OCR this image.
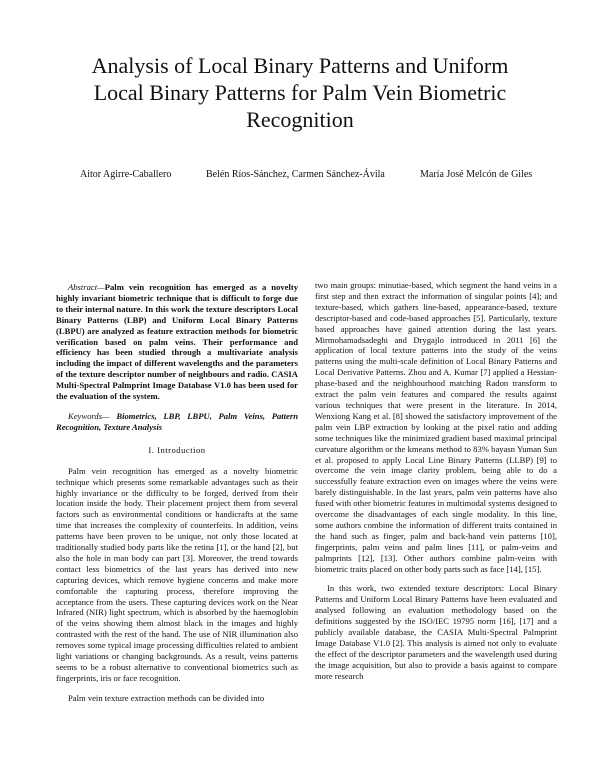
Analysis of Local Binary Patterns and Uniform
Local Binary Patterns for Palm Vein Biometric
Recognition
Aitor Agirre-Caballero	Belén Ríos-Sánchez, Carmen Sánchez-Ávila	María José Melcón de Giles

Abstract—Palm vein recognition has emerged as a novelty highly invariant biometric technique that is difficult to forge due to their internal nature. In this work the texture descriptors Local Binary Patterns (LBP) and Uniform Local Binary Patterns (LBPU) are analyzed as feature extraction methods for biometric verification based on palm veins. Their performance and efficiency has been studied through a multivariate analysis including the impact of different wavelengths and the parameters of the texture descriptor number of neighbours and radio. CASIA Multi-Spectral Palmprint Image Database V1.0 has been used for the evaluation of the system.

Keywords— Biometrics, LBP, LBPU, Palm Veins, Pattern Recognition, Texture Analysis

I. Introduction

Palm vein recognition has emerged as a novelty biometric technique which presents some remarkable advantages such as their highly invariance or the difficulty to be forged, derived from their location inside the body. Their placement project them from several factors such as environmental conditions or handicrafts at the same time that increases the complexity of counterfeits. In addition, veins patterns have been proven to be unique, not only those located at traditionally studied body parts like the retina [1], or the hand [2], but also the hole in man body can part [3]. Moreover, the trend towards contact less biometrics of the last years has derived into new capturing devices, which remove hygiene concerns and make more comfortable the capturing process, therefore improving the acceptance from the users. These capturing devices work on the Near Infrared (NIR) light spectrum, which is absorbed by the haemoglobin of the veins showing them almost black in the images and highly contrasted with the rest of the hand. The use of NIR illumination also removes some typical image processing difficulties related to ambient light variations or changing backgrounds. As a result, veins patterns seems to be a robust alternative to conventional biometrics such as fingerprints, iris or face recognition.

Palm vein texture extraction methods can be divided into

two main groups: minutiae-based, which segment the hand veins in a first step and then extract the information of singular points [4]; and texture-based, which gathers line-based, appearance-based, texture descriptor-based and code-based approaches [5]. Particularly, texture based approaches have gained attention during the last years. Mirmohamadsadeghi and Drygajlo introduced in 2011 [6] the application of local texture patterns into the study of the veins patterns using the multi-scale definition of Local Binary Patterns and Local Derivative Patterns. Zhou and A. Kumar [7] applied a Hessian-phase-based and the neighbourhood matching Radon transform to extract the palm vein features and compared the results against various techniques that were present in the literature. In 2014, Wenxiong Kang et al. [8] showed the satisfactory improvement of the palm vein LBP extraction by looking at the pixel ratio and adding some techniques like the minimized gradient based maximal principal curvature algorithm or the kmeans method to 83% bayasn Yuman Sun et al. proposed to apply Local Line Binary Patterns (LLBP) [9] to overcome the vein image clarity problem, being able to do a successfully feature extraction even on images where the veins were barely distinguishable. In the last years, palm vein patterns have also fused with other biometric features in multimodal systems designed to overcome the disadvantages of each single modality. In this line, some authors combine the information of different traits contained in the hand such as finger, palm and back-hand vein patterns [10], fingerprints, palm veins and palm lines [11], or palm-veins and palmprints [12], [13]. Other authors combine palm-veins with biometric traits placed on other body parts such as face [14], [15].

In this work, two extended texture descriptors: Local Binary Patterns and Uniform Local Binary Patterns have been evaluated and analysed following an evaluation methodology based on the definitions suggested by the ISO/IEC 19795 norm [16], [17] and a publicly available database, the CASIA Multi-Spectral Palmprint Image Database V1.0 [2]. This analysis is aimed not only to evaluate the effect of the descriptor parameters and the wavelength used during the image acquisition, but also to provide a basis against to compare more research
